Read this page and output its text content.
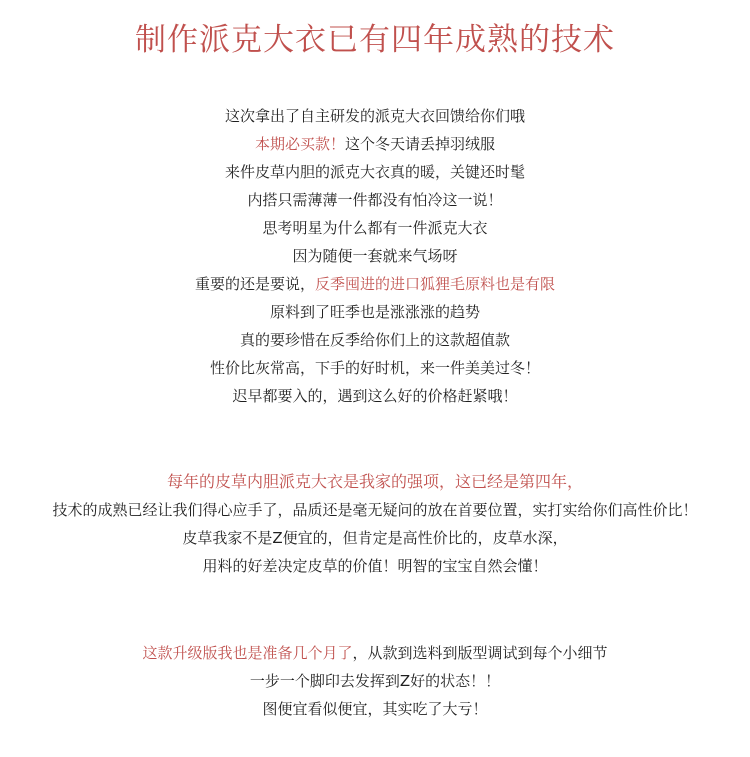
制作派克大衣已有四年成熟的技术
这次拿出了自主研发的派克大衣回馈给你们哦
本期必买款！这个冬天请丢掉羽绒服
来件皮草内胆的派克大衣真的暖，关键还时髦
内搭只需薄薄一件都没有怕冷这一说！
思考明星为什么都有一件派克大衣
因为随便一套就来气场呀
重要的还是要说，反季囤进的进口狐狸毛原料也是有限
原料到了旺季也是涨涨涨的趋势
真的要珍惜在反季给你们上的这款超值款
性价比灰常高，下手的好时机，来一件美美过冬！
迟早都要入的，遇到这么好的价格赶紧哦！
每年的皮草内胆派克大衣是我家的强项，这已经是第四年，
技术的成熟已经让我们得心应手了，品质还是毫无疑问的放在首要位置，实打实给你们高性价比！
皮草我家不是Z便宜的，但肯定是高性价比的，皮草水深，
用料的好差决定皮草的价值！明智的宝宝自然会懂！
这款升级版我也是准备几个月了，从款到选料到版型调试到每个小细节
一步一个脚印去发挥到Z好的状态！！
图便宜看似便宜，其实吃了大亏！
